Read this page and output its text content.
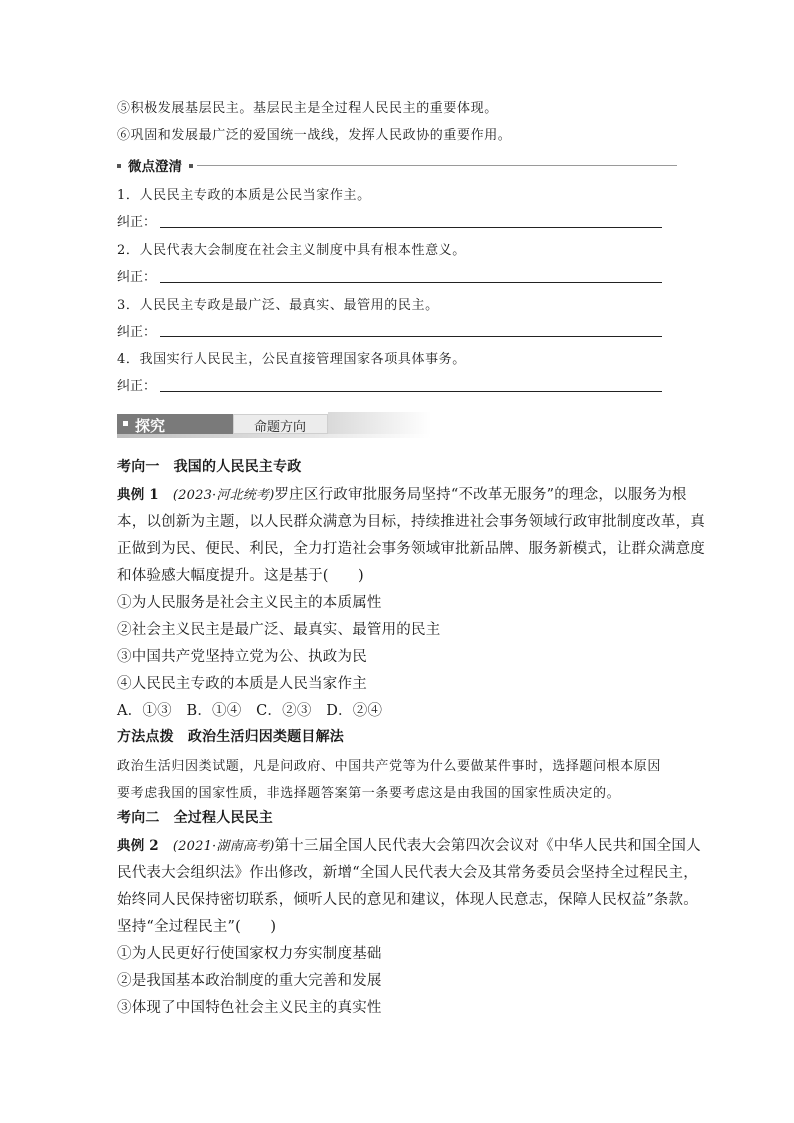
⑤积极发展基层民主。基层民主是全过程人民民主的重要体现。
⑥巩固和发展最广泛的爱国统一战线，发挥人民政协的重要作用。
微点澄清
1．人民民主专政的本质是公民当家作主。
纠正：
2．人民代表大会制度在社会主义制度中具有根本性意义。
纠正：
3．人民民主专政是最广泛、最真实、最管用的民主。
纠正：
4．我国实行人民民主，公民直接管理国家各项具体事务。
纠正：
探究	命题方向
考向一 我国的人民民主专政
典例 1 (2023·河北统考)罗庄区行政审批服务局坚持“不改革无服务”的理念，以服务为根
本，以创新为主题，以人民群众满意为目标，持续推进社会事务领域行政审批制度改革，真
正做到为民、便民、利民，全力打造社会事务领域审批新品牌、服务新模式，让群众满意度
和体验感大幅度提升。这是基于(　　)
①为人民服务是社会主义民主的本质属性
②社会主义民主是最广泛、最真实、最管用的民主
③中国共产党坚持立党为公、执政为民
④人民民主专政的本质是人民当家作主
A．①③　B．①④　C．②③　D．②④
方法点拨 政治生活归因类题目解法
政治生活归因类试题，凡是问政府、中国共产党等为什么要做某件事时，选择题问根本原因
要考虑我国的国家性质，非选择题答案第一条要考虑这是由我国的国家性质决定的。
考向二 全过程人民民主
典例 2 (2021·湖南高考)第十三届全国人民代表大会第四次会议对《中华人民共和国全国人
民代表大会组织法》作出修改，新增“全国人民代表大会及其常务委员会坚持全过程民主，
始终同人民保持密切联系，倾听人民的意见和建议，体现人民意志，保障人民权益”条款。
坚持“全过程民主”(　　)
①为人民更好行使国家权力夯实制度基础
②是我国基本政治制度的重大完善和发展
③体现了中国特色社会主义民主的真实性
